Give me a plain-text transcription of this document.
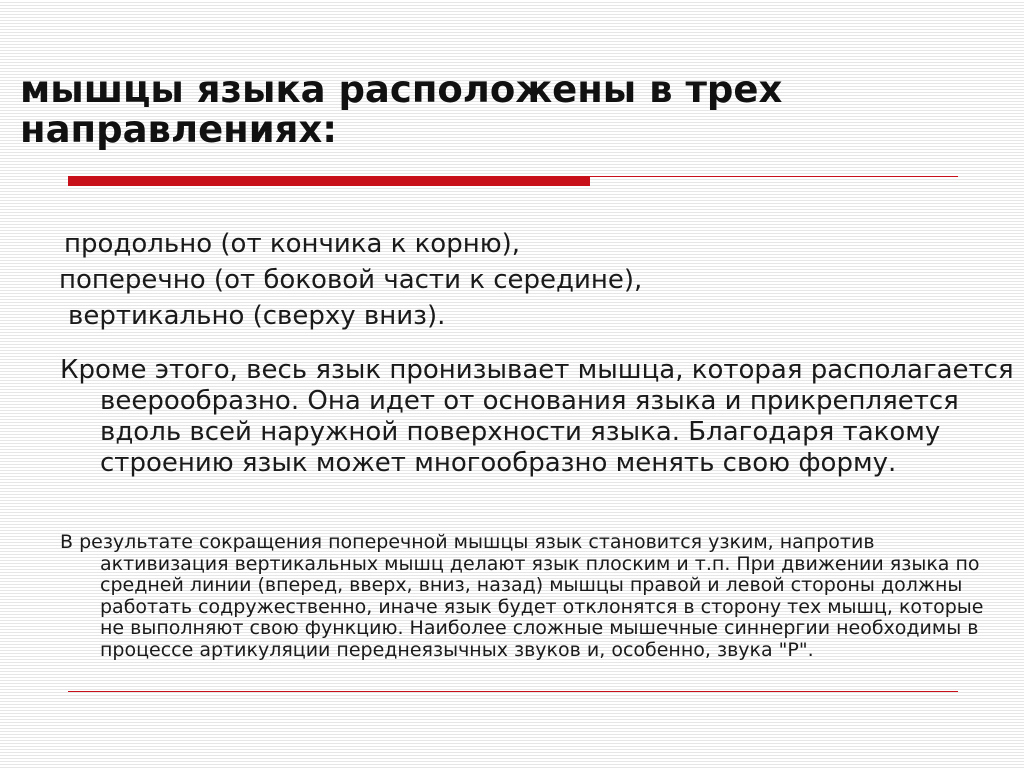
мышцы языка расположены в трех направлениях:
продольно (от кончика к корню),
поперечно (от боковой части к середине),
вертикально (сверху вниз).

Кроме этого, весь язык пронизывает мышца, которая располагается веерообразно. Она идет от основания языка и прикрепляется вдоль всей наружной поверхности языка. Благодаря такому строению язык может многообразно менять свою форму.

В результате сокращения поперечной мышцы язык становится узким, напротив активизация вертикальных мышц делают язык плоским и т.п. При движении языка по средней линии (вперед, вверх, вниз, назад) мышцы правой и левой стороны должны работать содружественно, иначе язык будет отклонятся в сторону тех мышц, которые не выполняют свою функцию. Наиболее сложные мышечные синнергии необходимы в процессе артикуляции переднеязычных звуков и, особенно, звука "Р".
